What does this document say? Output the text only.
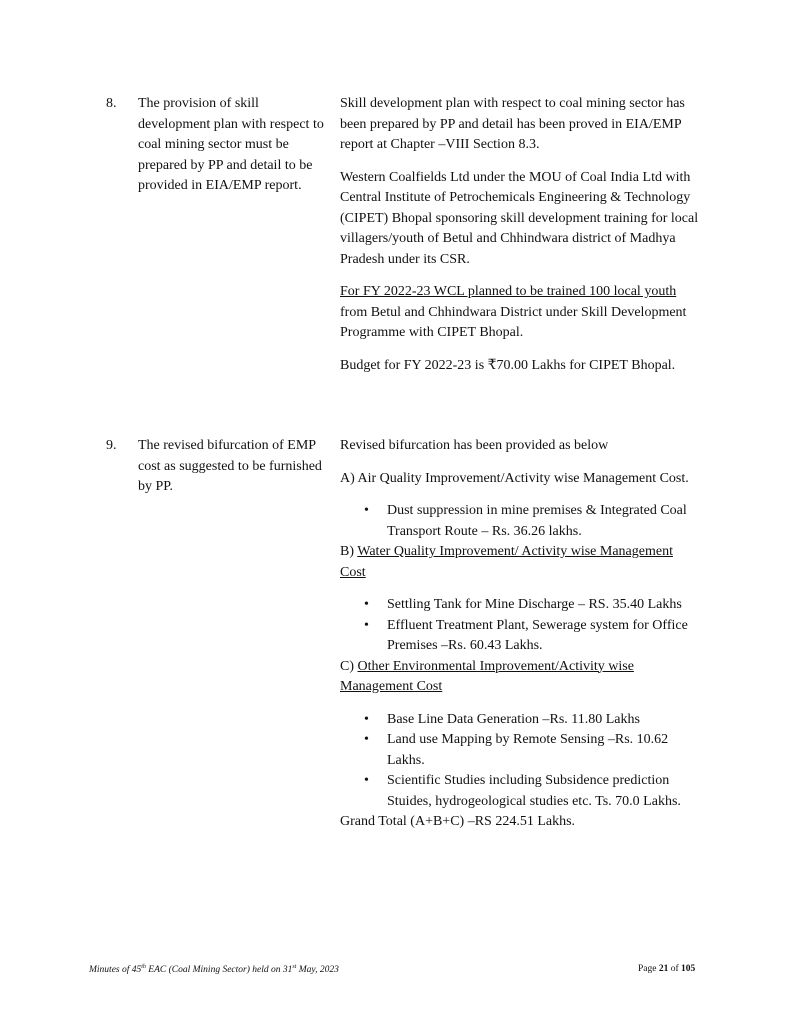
8. The provision of skill development plan with respect to coal mining sector must be prepared by PP and detail to be provided in EIA/EMP report.

Skill development plan with respect to coal mining sector has been prepared by PP and detail has been proved in EIA/EMP report at Chapter –VIII Section 8.3.

Western Coalfields Ltd under the MOU of Coal India Ltd with Central Institute of Petrochemicals Engineering & Technology (CIPET) Bhopal sponsoring skill development training for local villagers/youth of Betul and Chhindwara district of Madhya Pradesh under its CSR.

For FY 2022-23 WCL planned to be trained 100 local youth from Betul and Chhindwara District under Skill Development Programme with CIPET Bhopal.

Budget for FY 2022-23 is ₹70.00 Lakhs for CIPET Bhopal.

9. The revised bifurcation of EMP cost as suggested to be furnished by PP.

Revised bifurcation has been provided as below

A) Air Quality Improvement/Activity wise Management Cost.

• Dust suppression in mine premises & Integrated Coal Transport Route – Rs. 36.26 lakhs.

B) Water Quality Improvement/ Activity wise Management Cost

• Settling Tank for Mine Discharge – RS. 35.40 Lakhs
• Effluent Treatment Plant, Sewerage system for Office Premises –Rs. 60.43 Lakhs.

C) Other Environmental Improvement/Activity wise Management Cost

• Base Line Data Generation –Rs. 11.80 Lakhs
• Land use Mapping by Remote Sensing –Rs. 10.62 Lakhs.
• Scientific Studies including Subsidence prediction Stuides, hydrogeological studies etc. Ts. 70.0 Lakhs.

Grand Total (A+B+C) –RS 224.51 Lakhs.

Minutes of 45th EAC (Coal Mining Sector) held on 31st May, 2023	Page 21 of 105
